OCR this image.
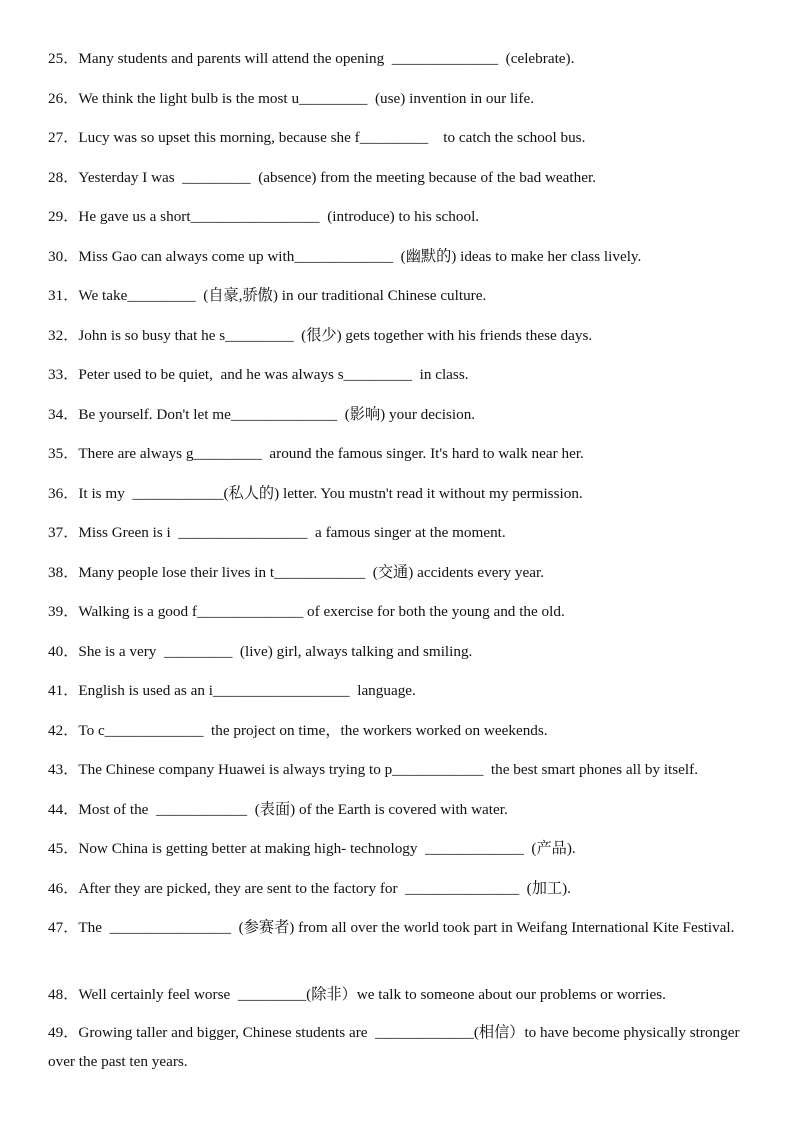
25．Many students and parents will attend the opening  ______________  (celebrate).
26．We think the light bulb is the most u_________  (use) invention in our life.
27．Lucy was so upset this morning, because she f_________    to catch the school bus.
28．Yesterday I was  _________  (absence) from the meeting because of the bad weather.
29．He gave us a short_________________  (introduce) to his school.
30．Miss Gao can always come up with_____________  (幽默的) ideas to make her class lively.
31．We take_________  (自豪,骄傲) in our traditional Chinese culture.
32．John is so busy that he s_________  (很少) gets together with his friends these days.
33．Peter used to be quiet,  and he was always s_________  in class.
34．Be yourself. Don't let me______________  (影响) your decision.
35．There are always g_________  around the famous singer. It's hard to walk near her.
36．It is my  ____________(私人的) letter. You mustn't read it without my permission.
37．Miss Green is i  _________________  a famous singer at the moment.
38．Many people lose their lives in t____________  (交通) accidents every year.
39．Walking is a good f______________ of exercise for both the young and the old.
40．She is a very  _________  (live) girl, always talking and smiling.
41．English is used as an i__________________  language.
42．To c_____________  the project on time，the workers worked on weekends.
43．The Chinese company Huawei is always trying to p____________  the best smart phones all by itself.
44．Most of the  ____________  (表面) of the Earth is covered with water.
45．Now China is getting better at making high- technology  _____________  (产品).
46．After they are picked, they are sent to the factory for  _______________  (加工).
47．The  ________________  (参赛者) from all over the world took part in Weifang International Kite Festival.
48．Well certainly feel worse  _________(除非）we talk to someone about our problems or worries.
49．Growing taller and bigger, Chinese students are  _____________(相信）to have become physically stronger over the past ten years.
